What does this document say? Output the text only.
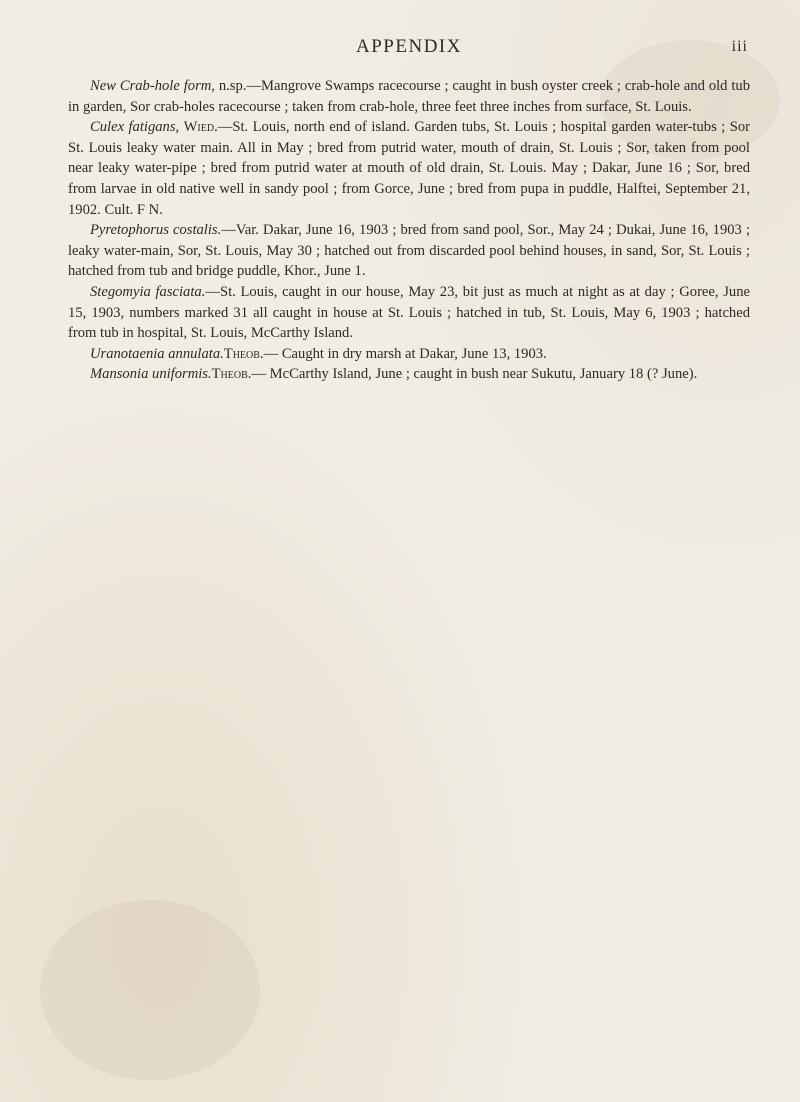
APPENDIX	iii

New Crab-hole form, n.sp.—Mangrove Swamps racecourse ; caught in bush oyster creek ; crab-hole and old tub in garden, Sor crab-holes racecourse ; taken from crab-hole, three feet three inches from surface, St. Louis.

Culex fatigans, Wied.—St. Louis, north end of island. Garden tubs, St. Louis ; hospital garden water-tubs ; Sor St. Louis leaky water main. All in May ; bred from putrid water, mouth of drain, St. Louis ; Sor, taken from pool near leaky water-pipe ; bred from putrid water at mouth of old drain, St. Louis. May ; Dakar, June 16 ; Sor, bred from larvae in old native well in sandy pool ; from Gorce, June ; bred from pupa in puddle, Halftei, September 21, 1902. Cult. F N.

Pyretophorus costalis.—Var. Dakar, June 16, 1903 ; bred from sand pool, Sor., May 24 ; Dukai, June 16, 1903 ; leaky water-main, Sor, St. Louis, May 30 ; hatched out from discarded pool behind houses, in sand, Sor, St. Louis ; hatched from tub and bridge puddle, Khor., June 1.

Stegomyia fasciata.—St. Louis, caught in our house, May 23, bit just as much at night as at day ; Goree, June 15, 1903, numbers marked 31 all caught in house at St. Louis ; hatched in tub, St. Louis, May 6, 1903 ; hatched from tub in hospital, St. Louis, McCarthy Island.

Uranotaenia annulata.Theob.— Caught in dry marsh at Dakar, June 13, 1903.

Mansonia uniformis.Theob.— McCarthy Island, June ; caught in bush near Sukutu, January 18 (? June).
